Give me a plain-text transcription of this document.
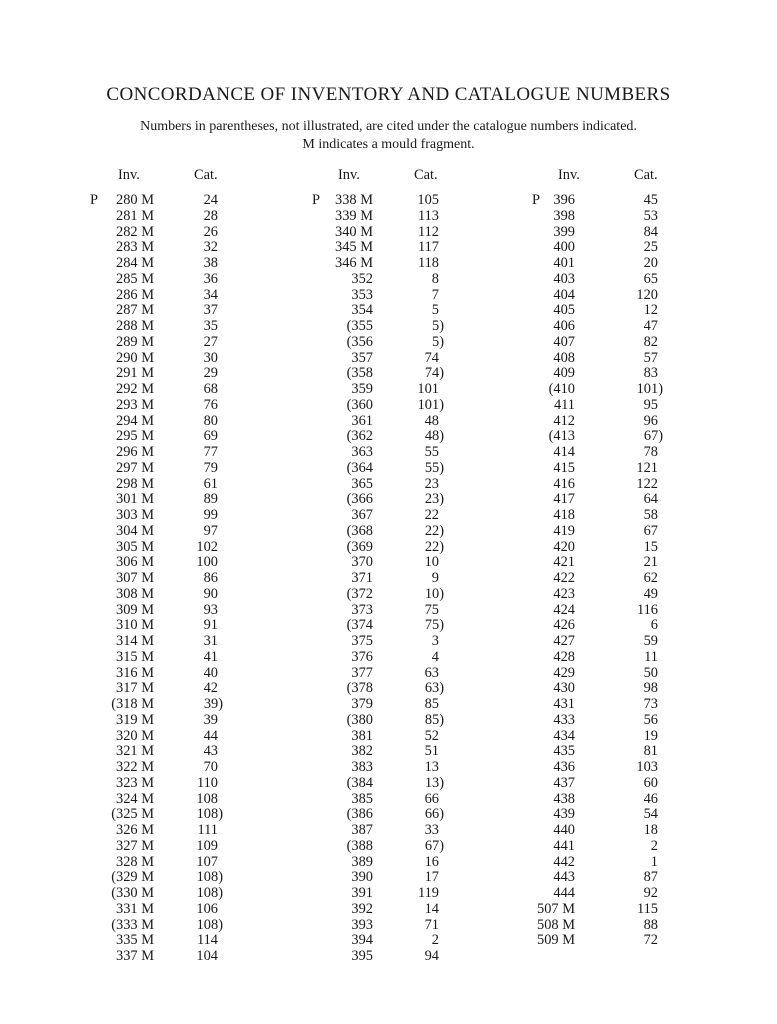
CONCORDANCE OF INVENTORY AND CATALOGUE NUMBERS
Numbers in parentheses, not illustrated, are cited under the catalogue numbers indicated.
M indicates a mould fragment.
Inv.	Cat.
P 280 M	24
281 M	28
282 M	26
283 M	32
284 M	38
285 M	36
286 M	34
287 M	37
288 M	35
289 M	27
290 M	30
291 M	29
292 M	68
293 M	76
294 M	80
295 M	69
296 M	77
297 M	79
298 M	61
301 M	89
303 M	99
304 M	97
305 M	102
306 M	100
307 M	86
308 M	90
309 M	93
310 M	91
314 M	31
315 M	41
316 M	40
317 M	42
(318 M	39)
319 M	39
320 M	44
321 M	43
322 M	70
323 M	110
324 M	108
(325 M	108)
326 M	111
327 M	109
328 M	107
(329 M	108)
(330 M	108)
331 M	106
(333 M	108)
335 M	114
337 M	104
Inv.	Cat.
P 338 M	105
339 M	113
340 M	112
345 M	117
346 M	118
352	8
353	7
354	5
(355	5)
(356	5)
357	74
(358	74)
359	101
(360	101)
361	48
(362	48)
363	55
(364	55)
365	23
(366	23)
367	22
(368	22)
(369	22)
370	10
371	9
(372	10)
373	75
(374	75)
375	3
376	4
377	63
(378	63)
379	85
(380	85)
381	52
382	51
383	13
(384	13)
385	66
(386	66)
387	33
(388	67)
389	16
390	17
391	119
392	14
393	71
394	2
395	94
Inv.	Cat.
P 396	45
398	53
399	84
400	25
401	20
403	65
404	120
405	12
406	47
407	82
408	57
409	83
(410	101)
411	95
412	96
(413	67)
414	78
415	121
416	122
417	64
418	58
419	67
420	15
421	21
422	62
423	49
424	116
426	6
427	59
428	11
429	50
430	98
431	73
433	56
434	19
435	81
436	103
437	60
438	46
439	54
440	18
441	2
442	1
443	87
444	92
507 M	115
508 M	88
509 M	72
